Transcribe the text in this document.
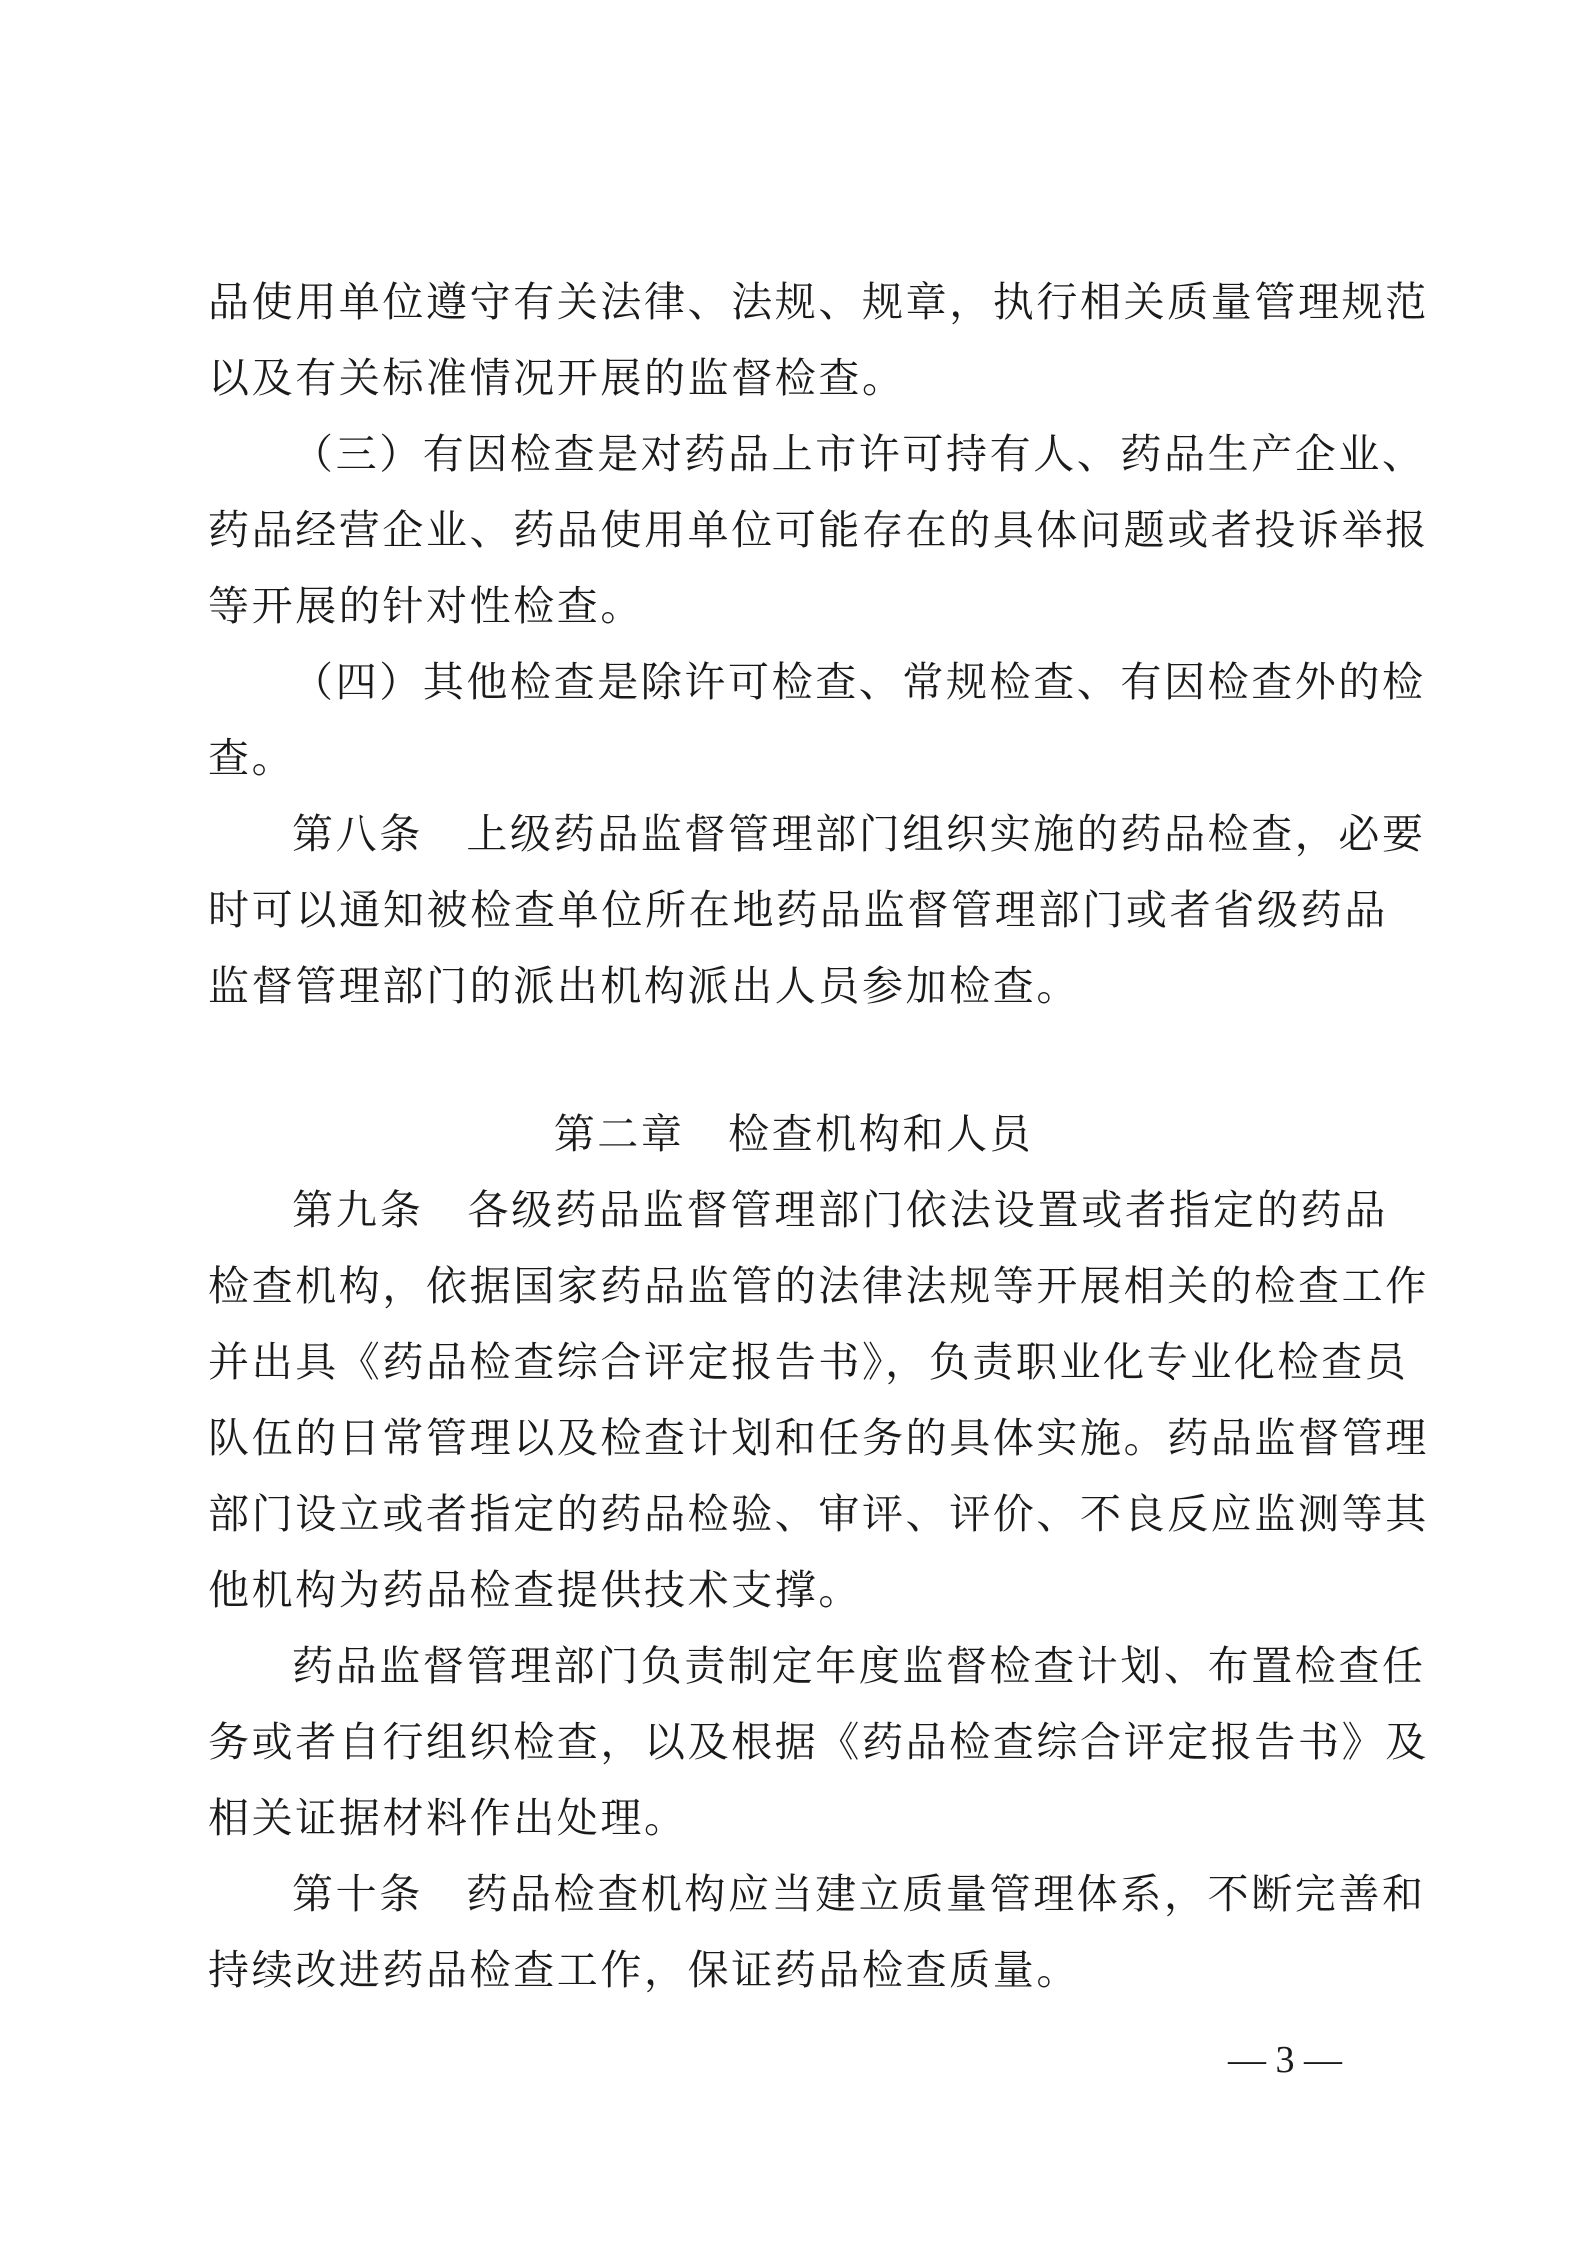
品使用单位遵守有关法律、法规、规章，执行相关质量管理规范
以及有关标准情况开展的监督检查。
（三）有因检查是对药品上市许可持有人、药品生产企业、
药品经营企业、药品使用单位可能存在的具体问题或者投诉举报
等开展的针对性检查。
（四）其他检查是除许可检查、常规检查、有因检查外的检
查。
第八条　上级药品监督管理部门组织实施的药品检查，必要
时可以通知被检查单位所在地药品监督管理部门或者省级药品
监督管理部门的派出机构派出人员参加检查。
第二章　检查机构和人员
第九条　各级药品监督管理部门依法设置或者指定的药品
检查机构，依据国家药品监管的法律法规等开展相关的检查工作
并出具《药品检查综合评定报告书》，负责职业化专业化检查员
队伍的日常管理以及检查计划和任务的具体实施。药品监督管理
部门设立或者指定的药品检验、审评、评价、不良反应监测等其
他机构为药品检查提供技术支撑。
药品监督管理部门负责制定年度监督检查计划、布置检查任
务或者自行组织检查，以及根据《药品检查综合评定报告书》及
相关证据材料作出处理。
第十条　药品检查机构应当建立质量管理体系，不断完善和
持续改进药品检查工作，保证药品检查质量。
— 3 —
